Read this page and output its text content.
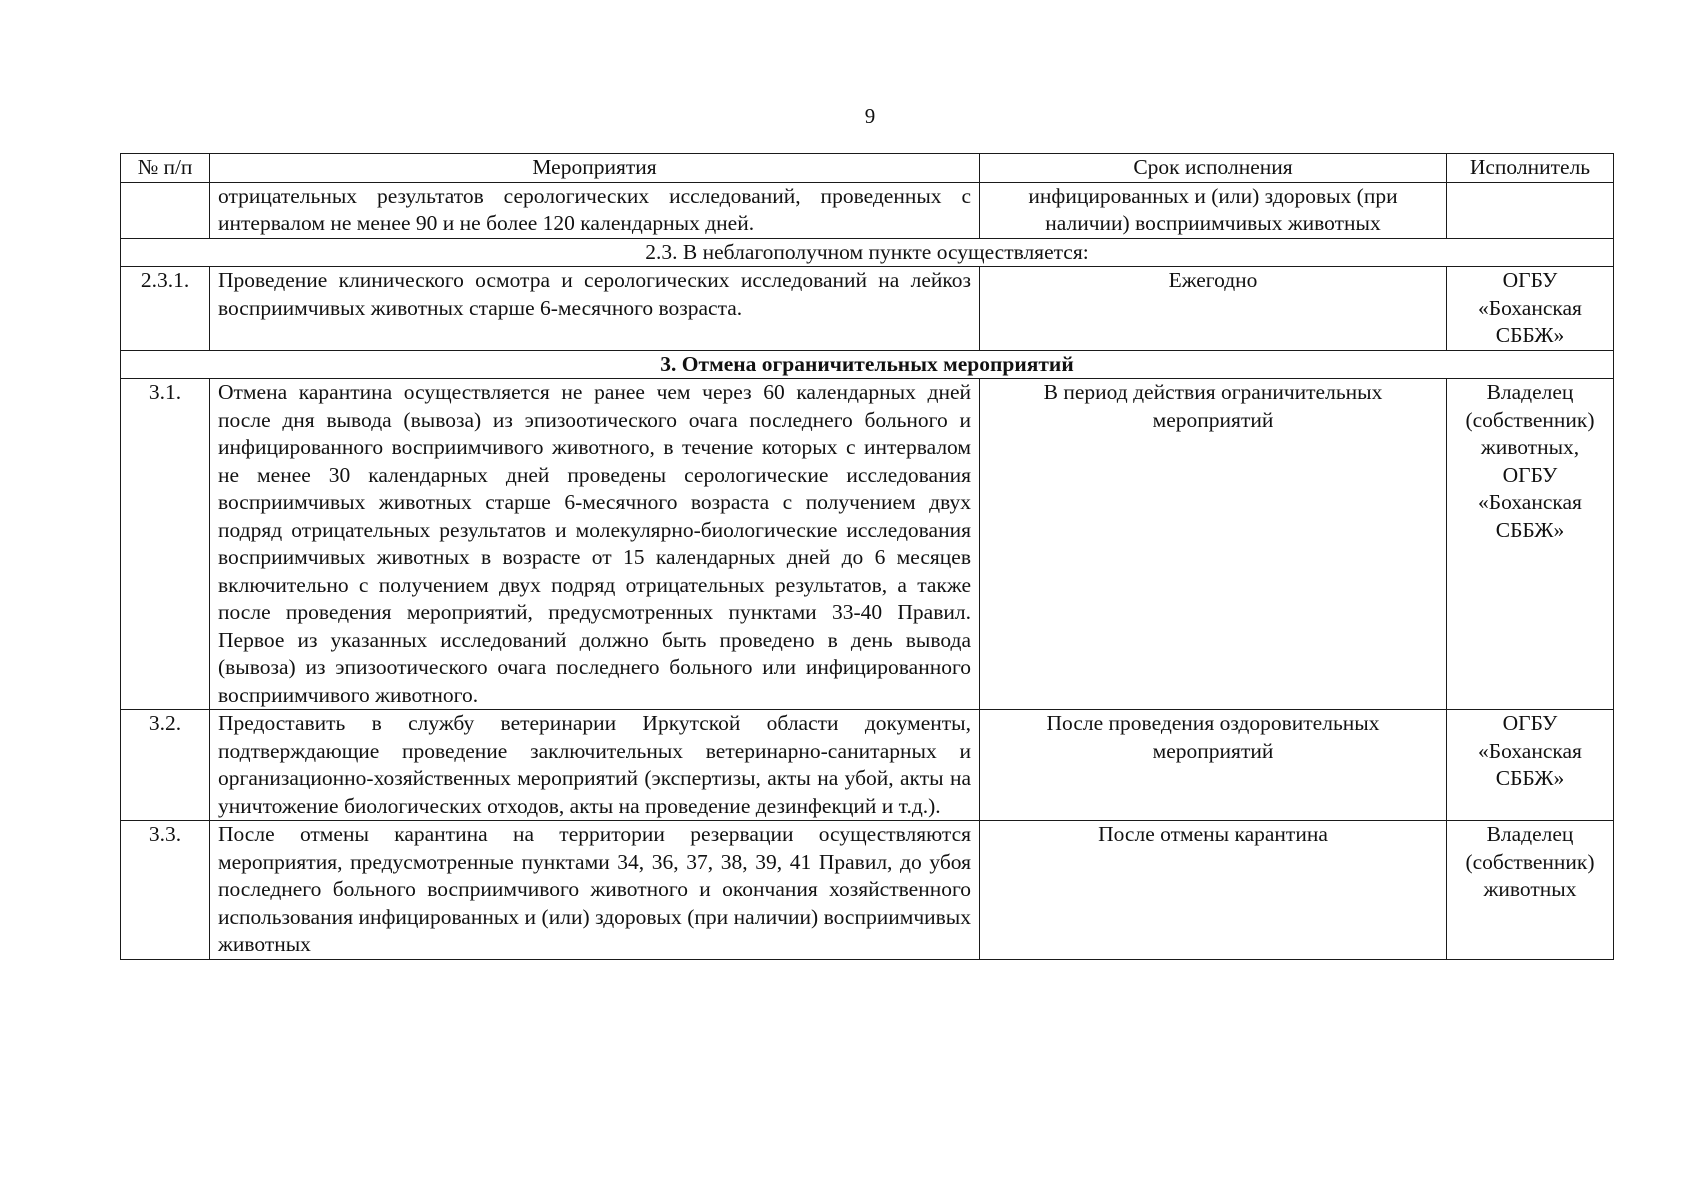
9
№ п/п	Мероприятия	Срок исполнения	Исполнитель
	отрицательных результатов серологических исследований, проведенных с интервалом не менее 90 и не более 120 календарных дней.	инфицированных и (или) здоровых (при наличии) восприимчивых животных	
2.3. В неблагополучном пункте осуществляется:			
2.3.1.	Проведение клинического осмотра и серологических исследований на лейкоз восприимчивых животных старше 6-месячного возраста.	Ежегодно	ОГБУ «Боханская СББЖ»
3. Отмена ограничительных мероприятий			
3.1.	Отмена карантина осуществляется не ранее чем через 60 календарных дней после дня вывода (вывоза) из эпизоотического очага последнего больного и инфицированного восприимчивого животного, в течение которых с интервалом не менее 30 календарных дней проведены серологические исследования восприимчивых животных старше 6-месячного возраста с получением двух подряд отрицательных результатов и молекулярно-биологические исследования восприимчивых животных в возрасте от 15 календарных дней до 6 месяцев включительно с получением двух подряд отрицательных результатов, а также после проведения мероприятий, предусмотренных пунктами 33-40 Правил. Первое из указанных исследований должно быть проведено в день вывода (вывоза) из эпизоотического очага последнего больного или инфицированного восприимчивого животного.	В период действия ограничительных мероприятий	Владелец (собственник) животных, ОГБУ «Боханская СББЖ»
3.2.	Предоставить в службу ветеринарии Иркутской области документы, подтверждающие проведение заключительных ветеринарно-санитарных и организационно-хозяйственных мероприятий (экспертизы, акты на убой, акты на уничтожение биологических отходов, акты на проведение дезинфекций и т.д.).	После проведения оздоровительных мероприятий	ОГБУ «Боханская СББЖ»
3.3.	После отмены карантина на территории резервации осуществляются мероприятия, предусмотренные пунктами 34, 36, 37, 38, 39, 41 Правил, до убоя последнего больного восприимчивого животного и окончания хозяйственного использования инфицированных и (или) здоровых (при наличии) восприимчивых животных	После отмены карантина	Владелец (собственник) животных
